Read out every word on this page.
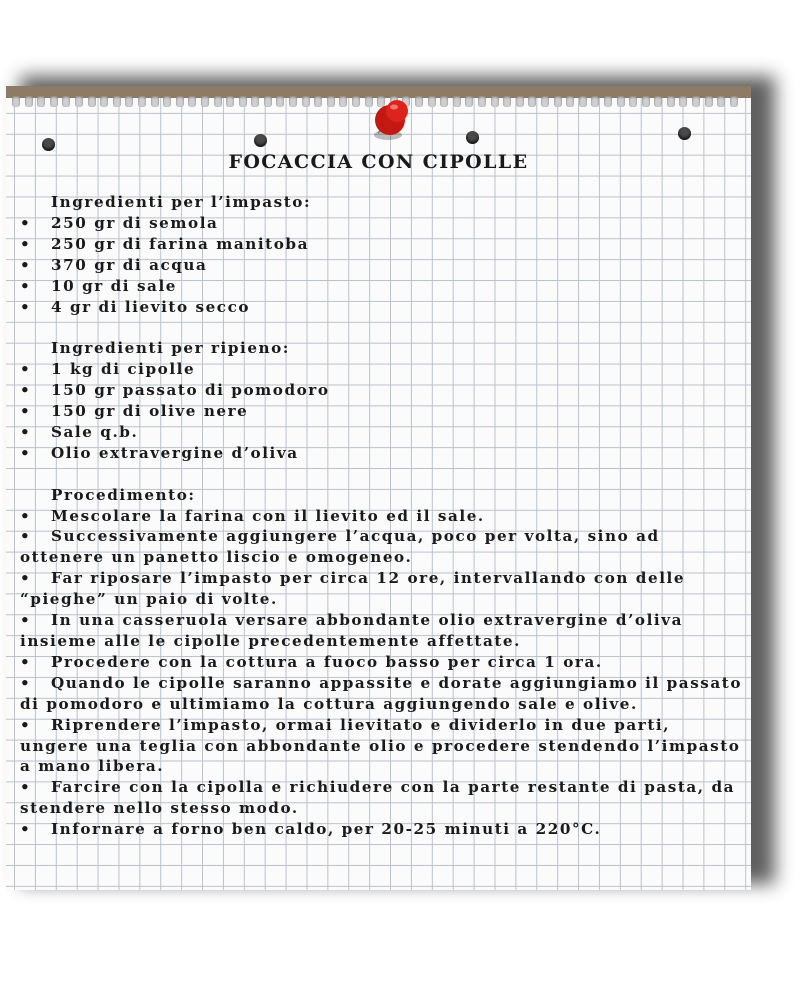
FOCACCIA CON CIPOLLE

Ingredienti per l’impasto:

• 250 gr di semola

• 250 gr di farina manitoba

• 370 gr di acqua

• 10 gr di sale

• 4 gr di lievito secco

Ingredienti per ripieno:

• 1 kg di cipolle

• 150 gr passato di pomodoro

• 150 gr di olive nere

• Sale q.b.

• Olio extravergine d’oliva

Procedimento:

• Mescolare la farina con il lievito ed il sale.

• Successivamente aggiungere l’acqua, poco per volta, sino ad ottenere un panetto liscio e omogeneo.

• Far riposare l’impasto per circa 12 ore, intervallando con delle “pieghe” un paio di volte.

• In una casseruola versare abbondante olio extravergine d’oliva insieme alle le cipolle precedentemente affettate.

• Procedere con la cottura a fuoco basso per circa 1 ora.

• Quando le cipolle saranno appassite e dorate aggiungiamo il passato di pomodoro e ultimiamo la cottura aggiungendo sale e olive.

• Riprendere l’impasto, ormai lievitato e dividerlo in due parti, ungere una teglia con abbondante olio e procedere stendendo l’impasto a mano libera.

• Farcire con la cipolla e richiudere con la parte restante di pasta, da stendere nello stesso modo.

• Infornare a forno ben caldo, per 20-25 minuti a 220°C.
